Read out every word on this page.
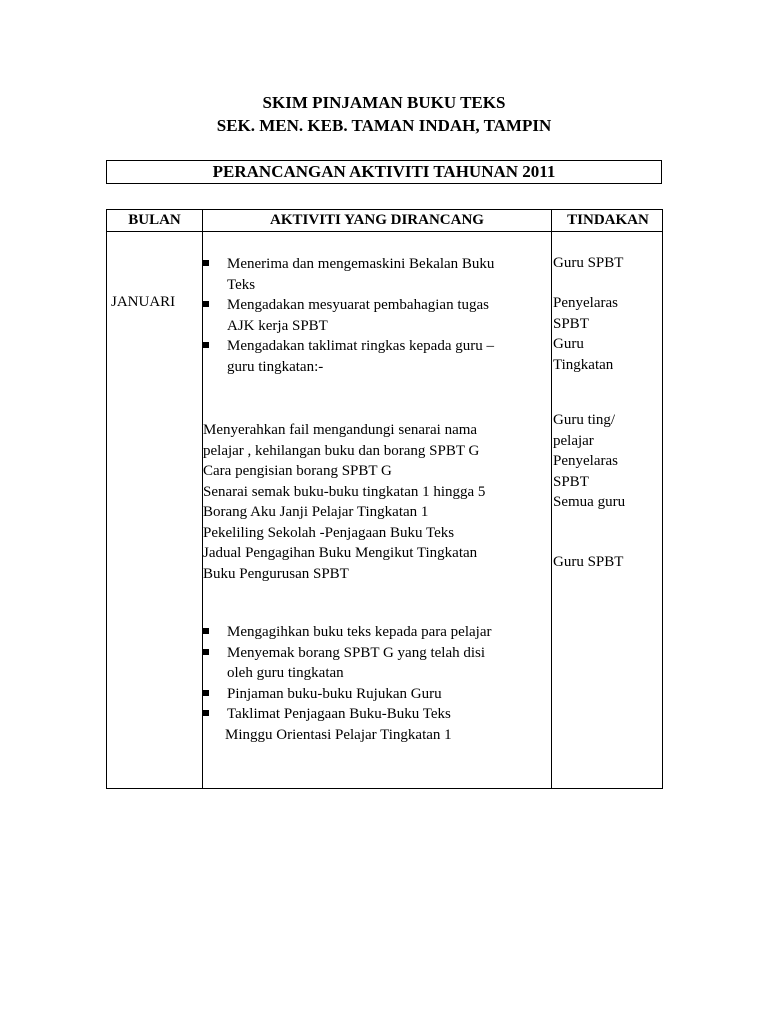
SKIM PINJAMAN BUKU TEKS
SEK. MEN. KEB. TAMAN INDAH, TAMPIN
PERANCANGAN AKTIVITI TAHUNAN 2011
BULAN	AKTIVITI YANG DIRANCANG	TINDAKAN
JANUARI
Menerima dan mengemaskini Bekalan Buku
Teks
Mengadakan mesyuarat pembahagian tugas
AJK kerja SPBT
Mengadakan taklimat ringkas kepada guru –
guru tingkatan:-
Menyerahkan fail mengandungi senarai nama
pelajar , kehilangan buku dan borang SPBT G
Cara pengisian borang SPBT G
Senarai semak buku-buku tingkatan 1 hingga 5
Borang Aku Janji Pelajar Tingkatan 1
Pekeliling Sekolah -Penjagaan Buku Teks
Jadual Pengagihan Buku Mengikut Tingkatan
Buku Pengurusan SPBT
Mengagihkan buku teks kepada para pelajar
Menyemak borang SPBT G yang telah disi
oleh guru tingkatan
Pinjaman buku-buku Rujukan Guru
Taklimat Penjagaan Buku-Buku Teks
Minggu Orientasi Pelajar Tingkatan 1
Guru SPBT
Penyelaras
SPBT
Guru
Tingkatan
Guru ting/
pelajar
Penyelaras
SPBT
Semua guru
Guru SPBT
